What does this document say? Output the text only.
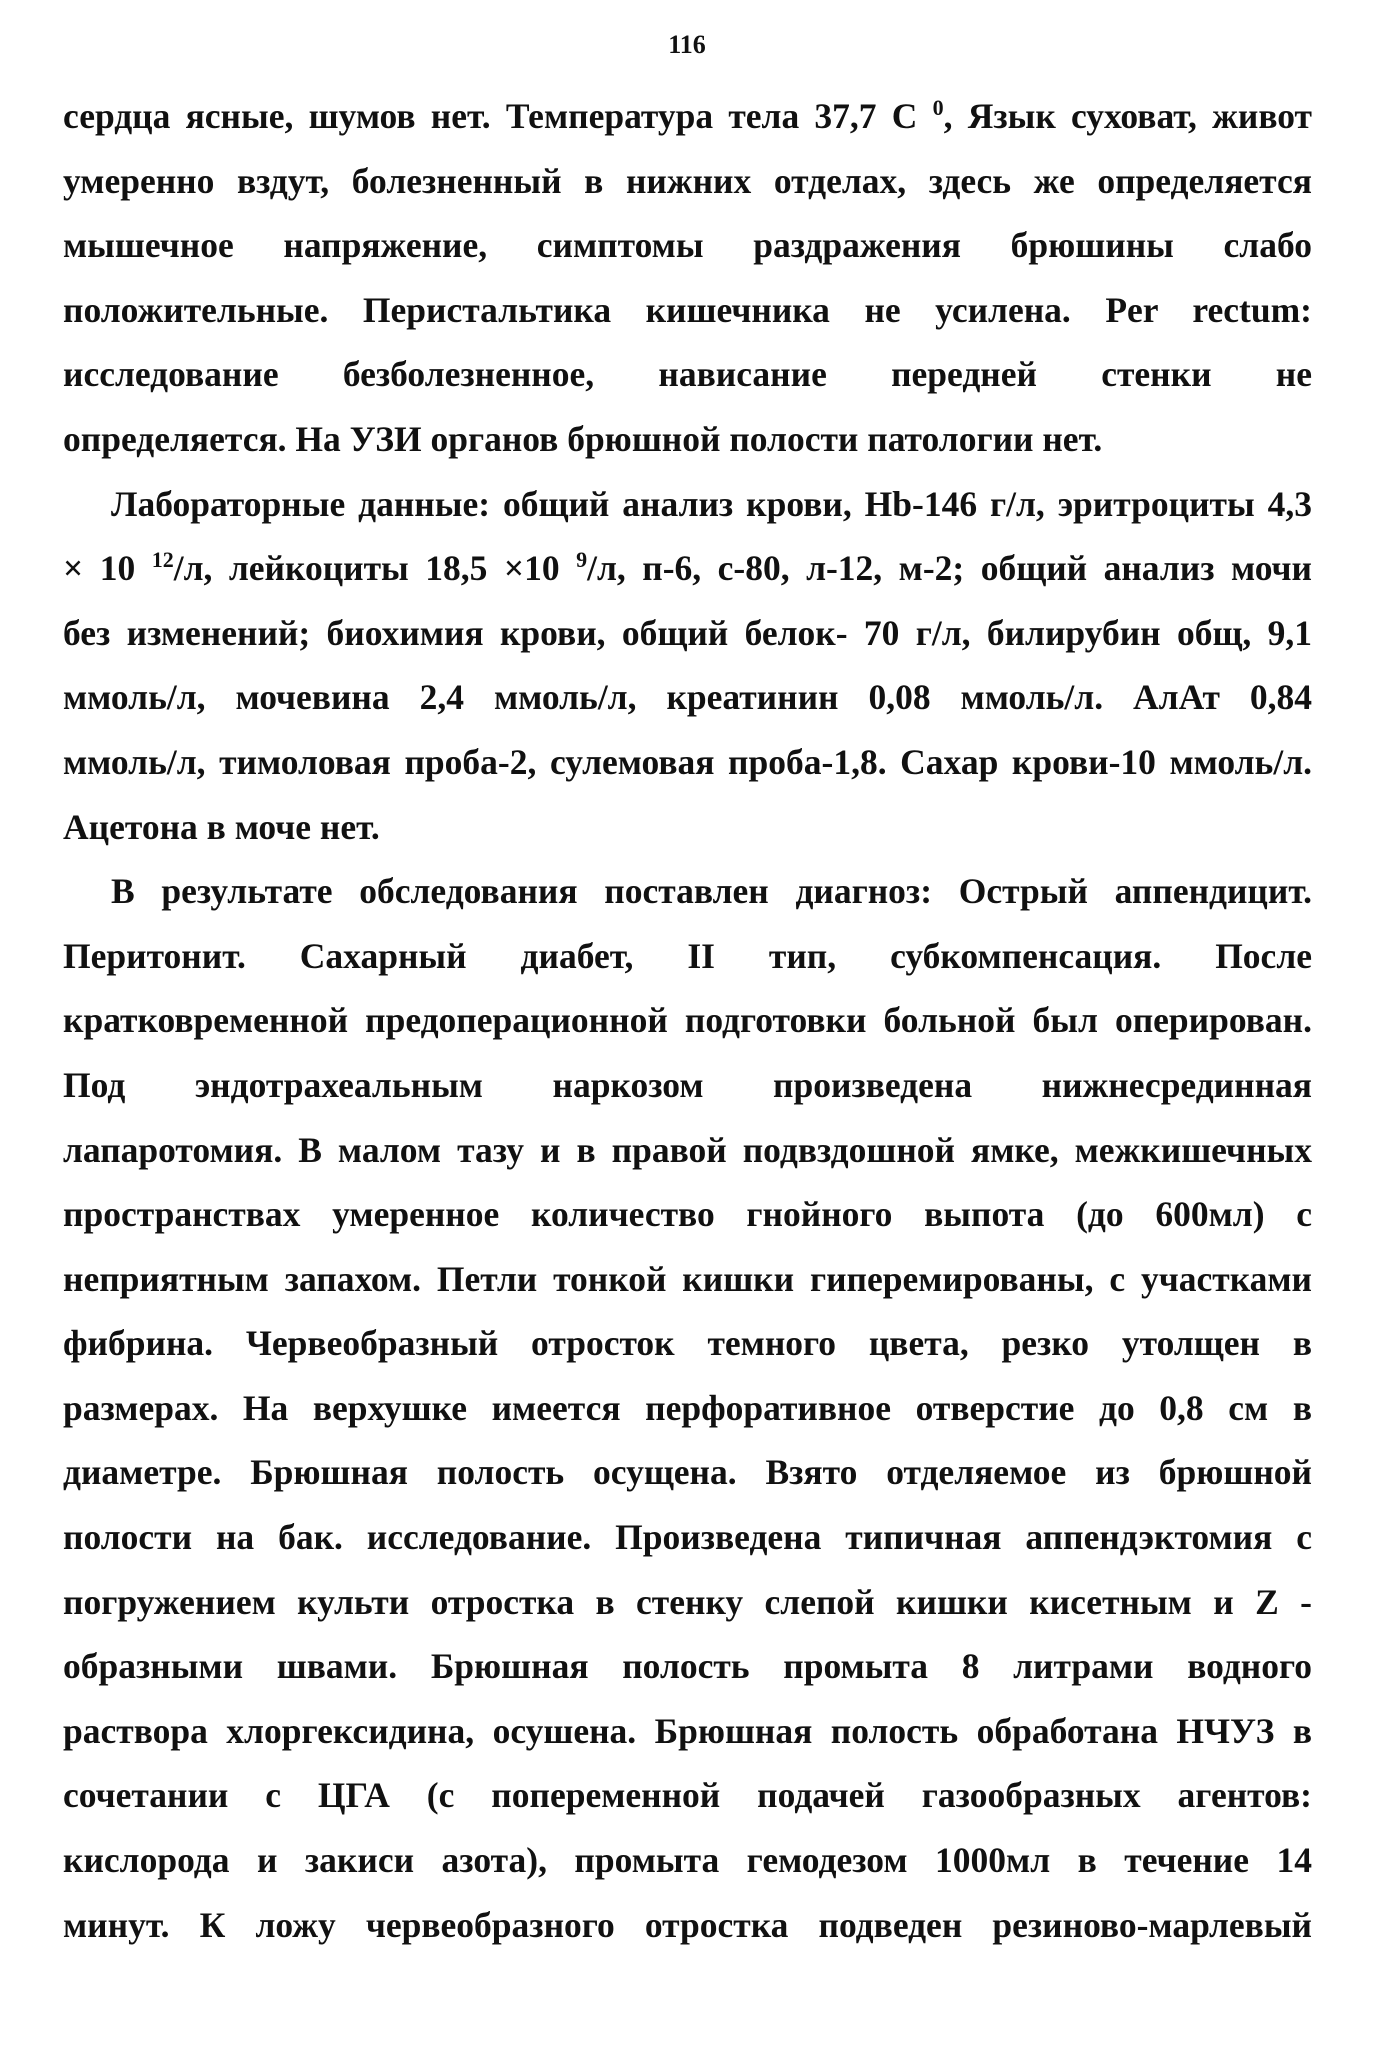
116
сердца ясные, шумов нет. Температура тела 37,7 С $^0$, Язык суховат, живот
умеренно вздут, болезненный в нижних отделах, здесь же определяется
мышечное напряжение, симптомы раздражения брюшины слабо
положительные. Перистальтика кишечника не усилена. Per rectum:
исследование безболезненное, нависание передней стенки не
определяется. На УЗИ органов брюшной полости патологии нет.
Лабораторные данные: общий анализ крови, Hb-146 г/л, эритроциты 4,3
× 10 $^{12}$/л, лейкоциты 18,5 ×10 $^9$/л, п-6, с-80, л-12, м-2; общий анализ мочи
без изменений; биохимия крови, общий белок- 70 г/л, билирубин общ, 9,1
ммоль/л, мочевина 2,4 ммоль/л, креатинин 0,08 ммоль/л. АлАт 0,84
ммоль/л, тимоловая проба-2, сулемовая проба-1,8. Сахар крови-10 ммоль/л.
Ацетона в моче нет.
В результате обследования поставлен диагноз: Острый аппендицит.
Перитонит. Сахарный диабет, II тип, субкомпенсация. После
кратковременной предоперационной подготовки больной был оперирован.
Под эндотрахеальным наркозом произведена нижнесрединная
лапаротомия. В малом тазу и в правой подвздошной ямке, межкишечных
пространствах умеренное количество гнойного выпота (до 600мл) с
неприятным запахом. Петли тонкой кишки гиперемированы, с участками
фибрина. Червеобразный отросток темного цвета, резко утолщен в
размерах. На верхушке имеется перфоративное отверстие до 0,8 см в
диаметре. Брюшная полость осущена. Взято отделяемое из брюшной
полости на бак. исследование. Произведена типичная аппендэктомия с
погружением культи отростка в стенку слепой кишки кисетным и Z -
образными швами. Брюшная полость промыта 8 литрами водного
раствора хлоргексидина, осушена. Брюшная полость обработана НЧУЗ в
сочетании с ЦГА (с попеременной подачей газообразных агентов:
кислорода и закиси азота), промыта гемодезом 1000мл в течение 14
минут. К ложу червеобразного отростка подведен резиново-марлевый
